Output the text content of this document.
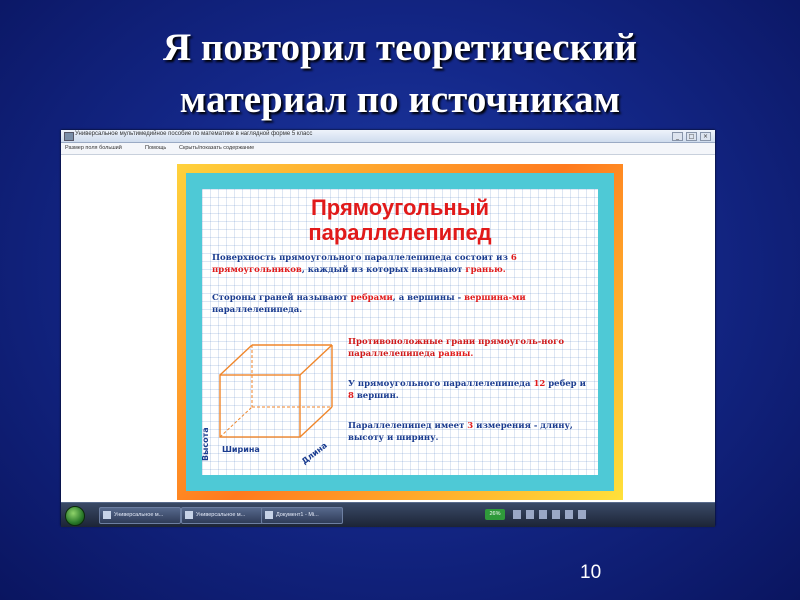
Я повторил теоретический
материал по источникам
Универсальное мультимедийное пособие по математике в наглядной форме 5 класс	_	□	×
Размер поля больший	Помощь Скрыть/показать содержание
Прямоугольный
параллелепипед
Поверхность прямоугольного параллелепипеда состоит из 6 прямоугольников, каждый из которых называют гранью.
Стороны граней называют ребрами, а вершины - вершина-ми параллелепипеда.
Высота	Длина
Ширина
Противоположные грани прямоуголь-ного параллелепипеда равны.
У прямоугольного параллелепипеда 12 ребер и 8 вершин.
Параллелепипед имеет 3 измерения - длину, высоту и ширину.
Универсальное м...	Универсальное м...	Документ1 - Mi...	26%
10
